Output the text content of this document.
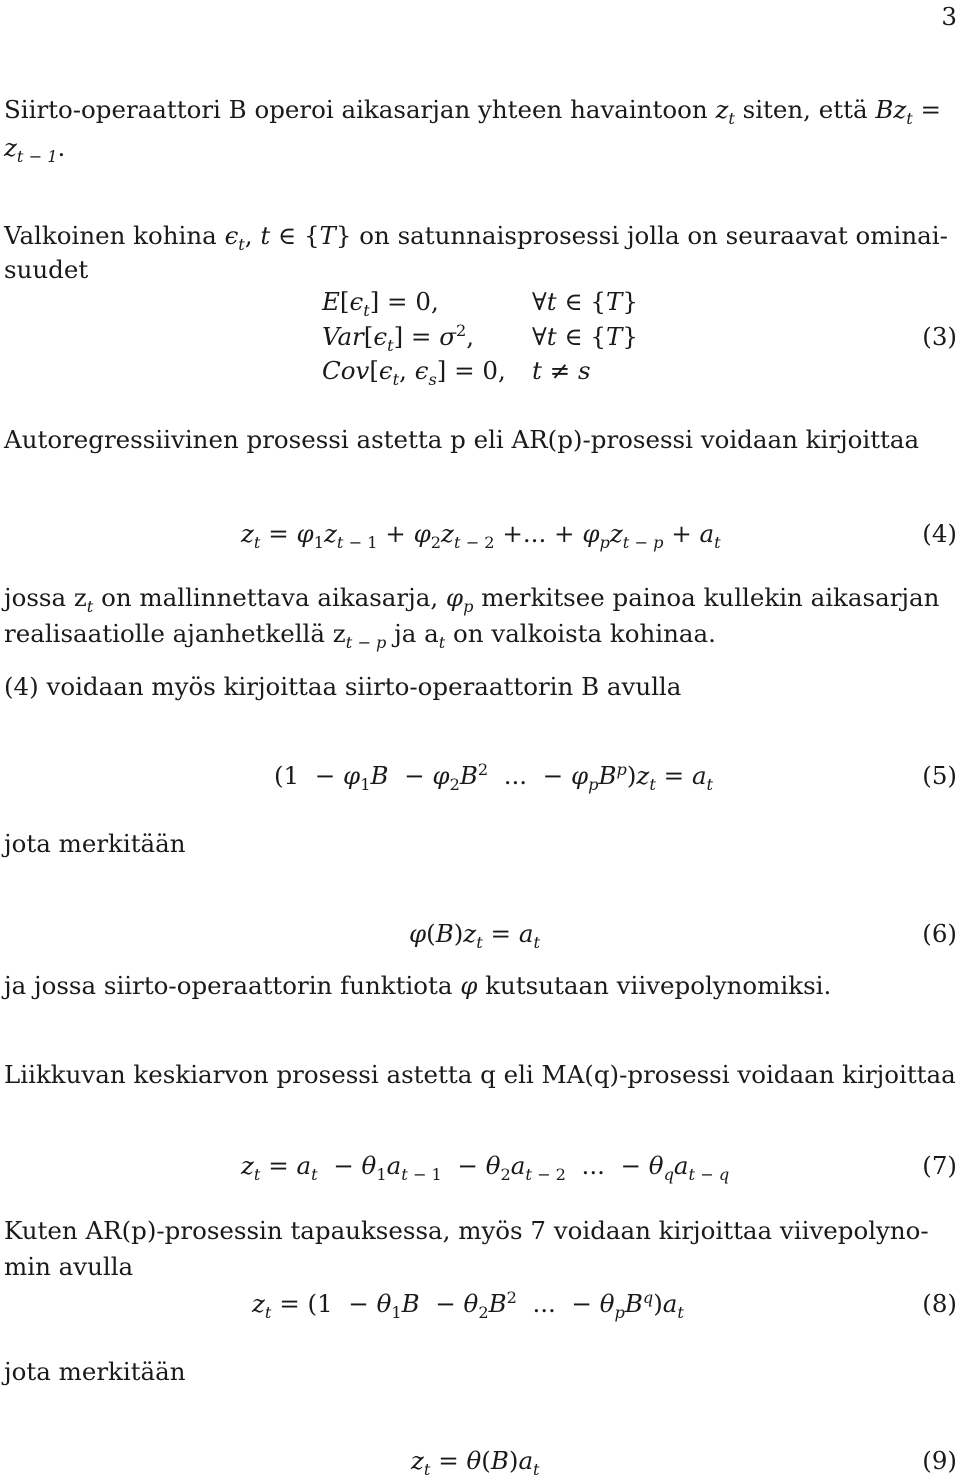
3
Siirto-operaattori B operoi aikasarjan yhteen havaintoon $z_t$ siten, että $Bz_t$ =
$z_{t - 1}$.
Valkoinen kohina $\epsilon_t$, t ∈ {T} on satunnaisprosessi jolla on seuraavat ominai-
suudet
$E[\epsilon_t] = 0$,	∀t ∈ {T}
$Var[\epsilon_t] = \sigma^2$, ∀t ∈ {T}
$Cov[\epsilon_t$, $\epsilon_s] = 0$, t ≠ s
(3)
Autoregressiivinen prosessi astetta p eli AR(p)-prosessi voidaan kirjoittaa
$z_t = \varphi_1z_{t - 1} + \varphi_2z_{t - 2}$ +... + $\varphi_pz_{t - p} + a_t$	(4)
jossa $z_t$ on mallinnettava aikasarja, $\varphi_p$ merkitsee painoa kullekin aikasarjan
realisaatiolle ajanhetkellä $z_{t - p}$ ja $a_t$ on valkoista kohinaa.
(4) voidaan myös kirjoittaa siirto-operaattorin B avulla
($1 - \varphi_1B - \varphi_2B^2$  ...  − $\varphi_pB^p)z_t = a_t$	(5)
jota merkitään
$\varphi(B)z_t = a_t$	(6)
ja jossa siirto-operaattorin funktiota φ kutsutaan viivepolynomiksi.
Liikkuvan keskiarvon prosessi astetta q eli MA(q)-prosessi voidaan kirjoittaa
$z_t = a_t - \theta_1a_{t - 1} - \theta_2a_{t - 2}$  ...  − $\theta_qa_{t - q}$	(7)
Kuten AR(p)-prosessin tapauksessa, myös 7 voidaan kirjoittaa viivepolyno-
min avulla
$z_t = (1 - \theta_1B - \theta_2B^2$  ...  − $\theta_pB^q)a_t$	(8)
jota merkitään
$z_t = \theta(B)a_t$	(9)
